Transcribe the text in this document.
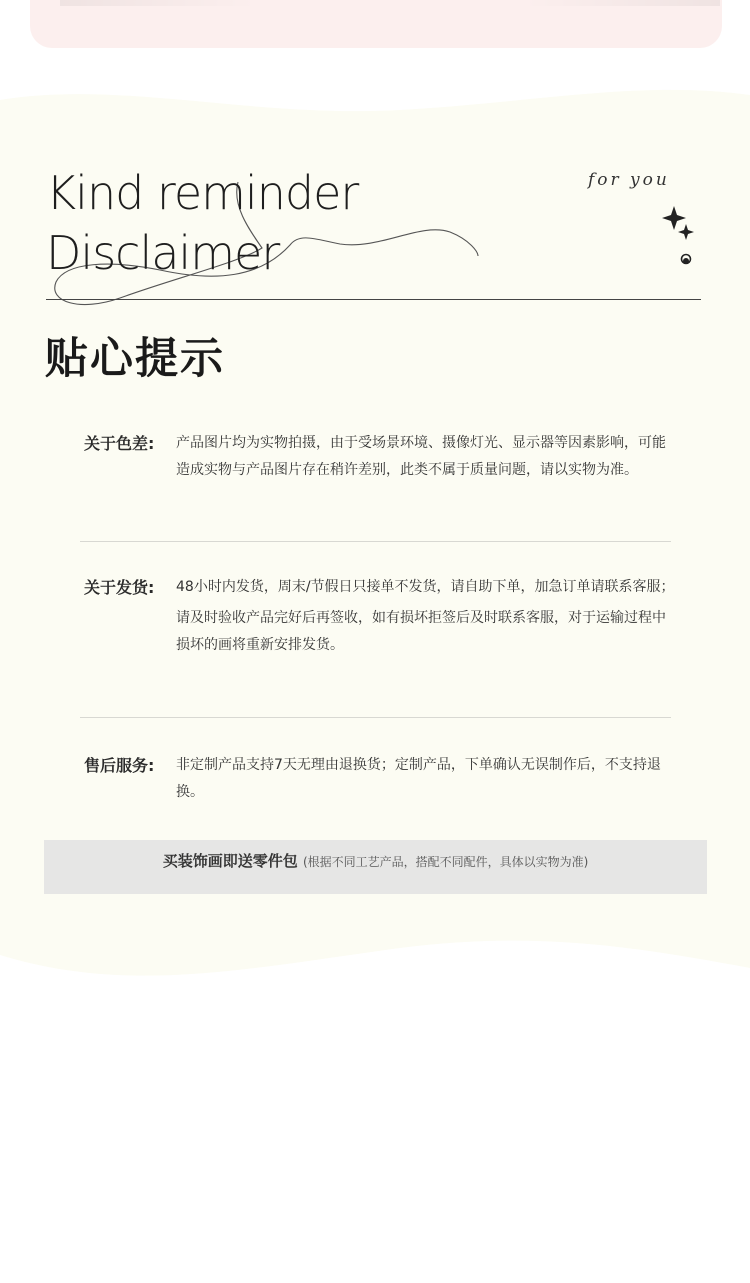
Kind reminder
Disclaimer
for you
贴心提示
关于色差:	产品图片均为实物拍摄，由于受场景环境、摄像灯光、显示器等因素影响，可能造成实物与产品图片存在稍许差别，此类不属于质量问题，请以实物为准。

关于发货:	48小时内发货，周末/节假日只接单不发货，请自助下单，加急订单请联系客服；

请及时验收产品完好后再签收，如有损坏拒签后及时联系客服，对于运输过程中损坏的画将重新安排发货。

售后服务:	非定制产品支持7天无理由退换货；定制产品，下单确认无误制作后，不支持退换。

买装饰画即送零件包 (根据不同工艺产品，搭配不同配件，具体以实物为准)
